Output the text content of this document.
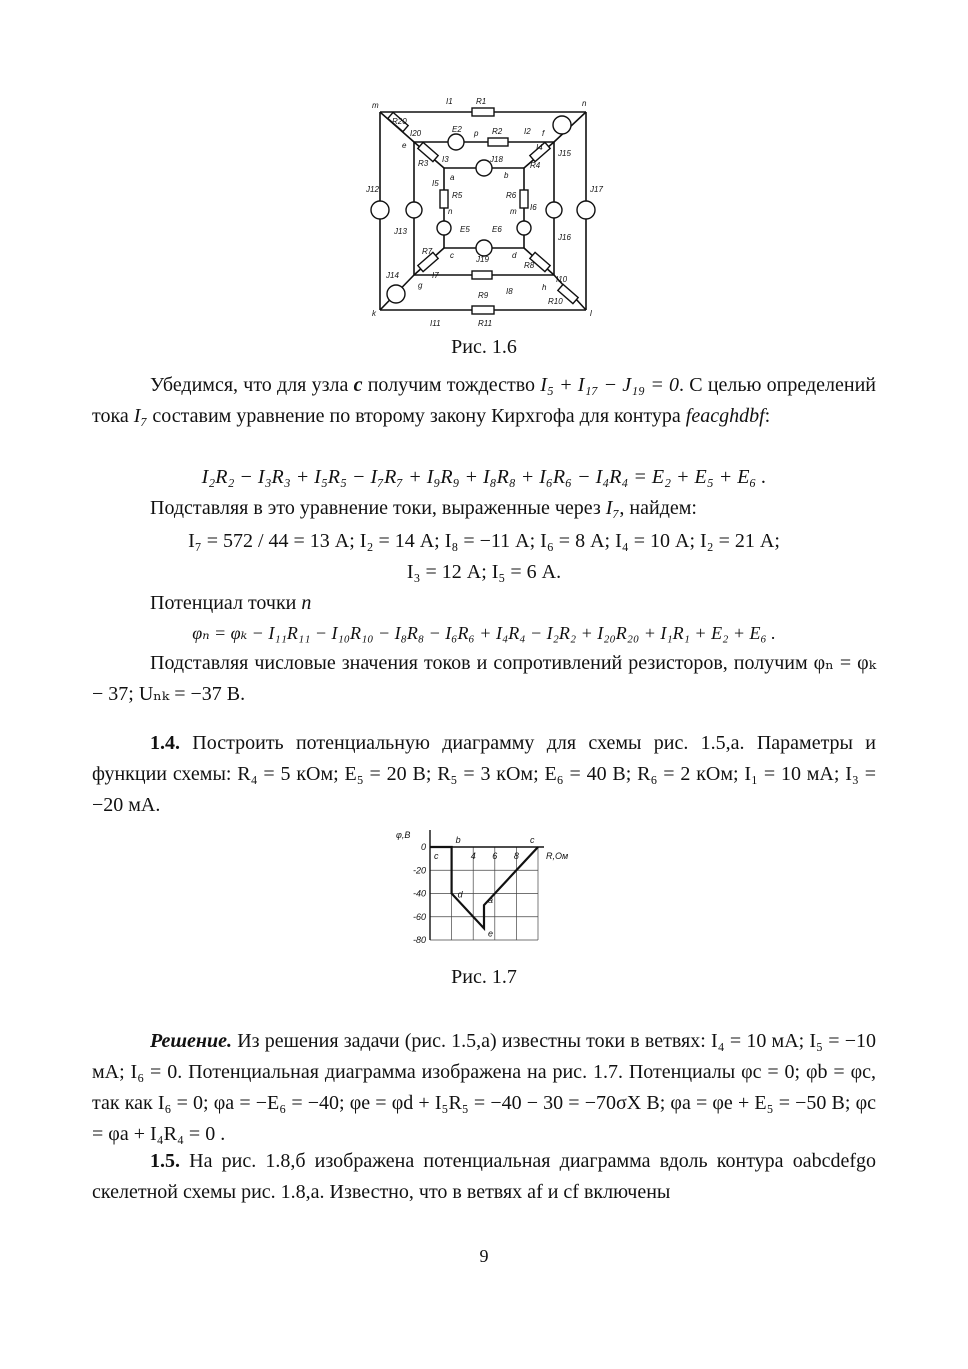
m	n
k	l
I1	R1
R20
I20	E2 p R2	I2 f
e	I4
J15
R3 I3	J18
b
R4
a
I5
R5	R6
I6
n	m
J12	J17
J13
J16
E5	E6
R7 c	d
J19
R8
J14	I7
g
I10
h
R9 I8
R10
I11	R11
Рис. 1.6
Убедимся, что для узла c получим тождество I₅ + I₁₇ − J₁₉ = 0. С целью определений тока I₇ составим уравнение по второму закону Кирхгофа для контура feacghdbf:
I₂R₂ − I₃R₃ + I₅R₅ − I₇R₇ + I₉R₉ + I₈R₈ + I₆R₆ − I₄R₄ = E₂ + E₅ + E₆ .
Подставляя в это уравнение токи, выраженные через I₇, найдем:
I₇ = 572 / 44 = 13 А; I₂ = 14 А; I₈ = −11 А; I₆ = 8 А; I₄ = 10 А; I₂ = 21 А;
I₃ = 12 А; I₅ = 6 А.
Потенциал точки n
φₙ = φₖ − I₁₁R₁₁ − I₁₀R₁₀ − I₈R₈ − I₆R₆ + I₄R₄ − I₂R₂ + I₂₀R₂₀ + I₁R₁ + E₂ + E₆ .
Подставляя числовые значения токов и сопротивлений резисторов, получим φₙ = φₖ − 37; Uₙₖ = −37 В.
1.4. Построить потенциальную диаграмму для схемы рис. 1.5,а. Параметры и функции схемы: R₄ = 5 кОм; E₅ = 20 В; R₅ = 3 кОм; E₆ = 40 В; R₆ = 2 кОм; I₁ = 10 мА; I₃ = −20 мА.
0
-20
-40
-60
-80
4 6 8
φ,В
R,Ом
c
b
d
e
a
c
Рис. 1.7
Решение. Из решения задачи (рис. 1.5,а) известны токи в ветвях: I₄ = 10 мА; I₅ = −10 мА; I₆ = 0. Потенциальная диаграмма изображена на рис. 1.7. Потенциалы φc = 0; φb = φc, так как I₆ = 0; φa = −E₆ = −40; φe = φd + I₅R₅ = −40 − 30 = −70σX В; φa = φe + E₅ = −50 В; φc = φa + I₄R₄ = 0 .
1.5. На рис. 1.8,б изображена потенциальная диаграмма вдоль контура oabcdefgo скелетной схемы рис. 1.8,а. Известно, что в ветвях af и cf включены
9
